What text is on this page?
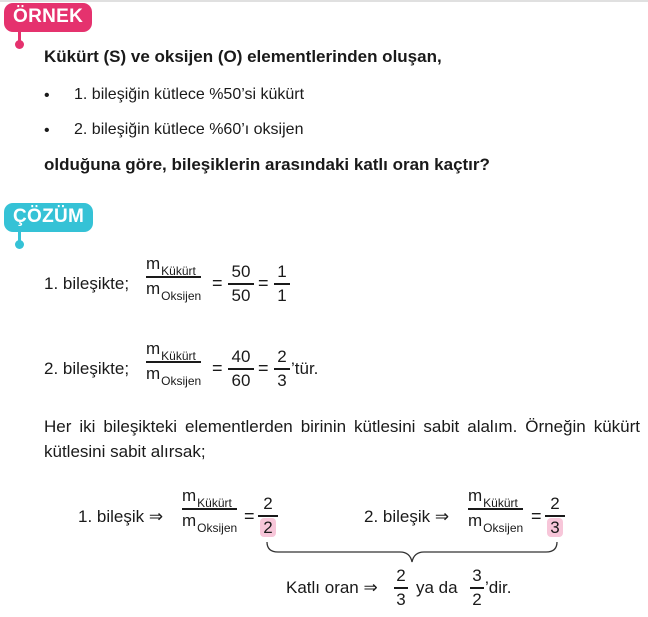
ÖRNEK
Kükürt (S) ve oksijen (O) elementlerinden oluşan,
• 1. bileşiğin kütlece %50’si kükürt
• 2. bileşiğin kütlece %60’ı oksijen
olduğuna göre, bileşiklerin arasındaki katlı oran kaçtır?
ÇÖZÜM
1. bileşikte;
$m_{Kükürt}$
$m_{Oksijen}$
=
50
50
=
1
1
2. bileşikte;
$m_{Kükürt}$
$m_{Oksijen}$
=
40
60
=
2
3
’tür.
Her iki bileşikteki elementlerden birinin kütlesini sabit alalım. Örneğin kükürt kütlesini sabit alırsak;
1. bileşik ⇒
$m_{Kükürt}$
$m_{Oksijen}$
=
2
2
2. bileşik ⇒
$m_{Kükürt}$
$m_{Oksijen}$
=
2
3
Katlı oran ⇒
2
3
ya da
3
2
’dir.
